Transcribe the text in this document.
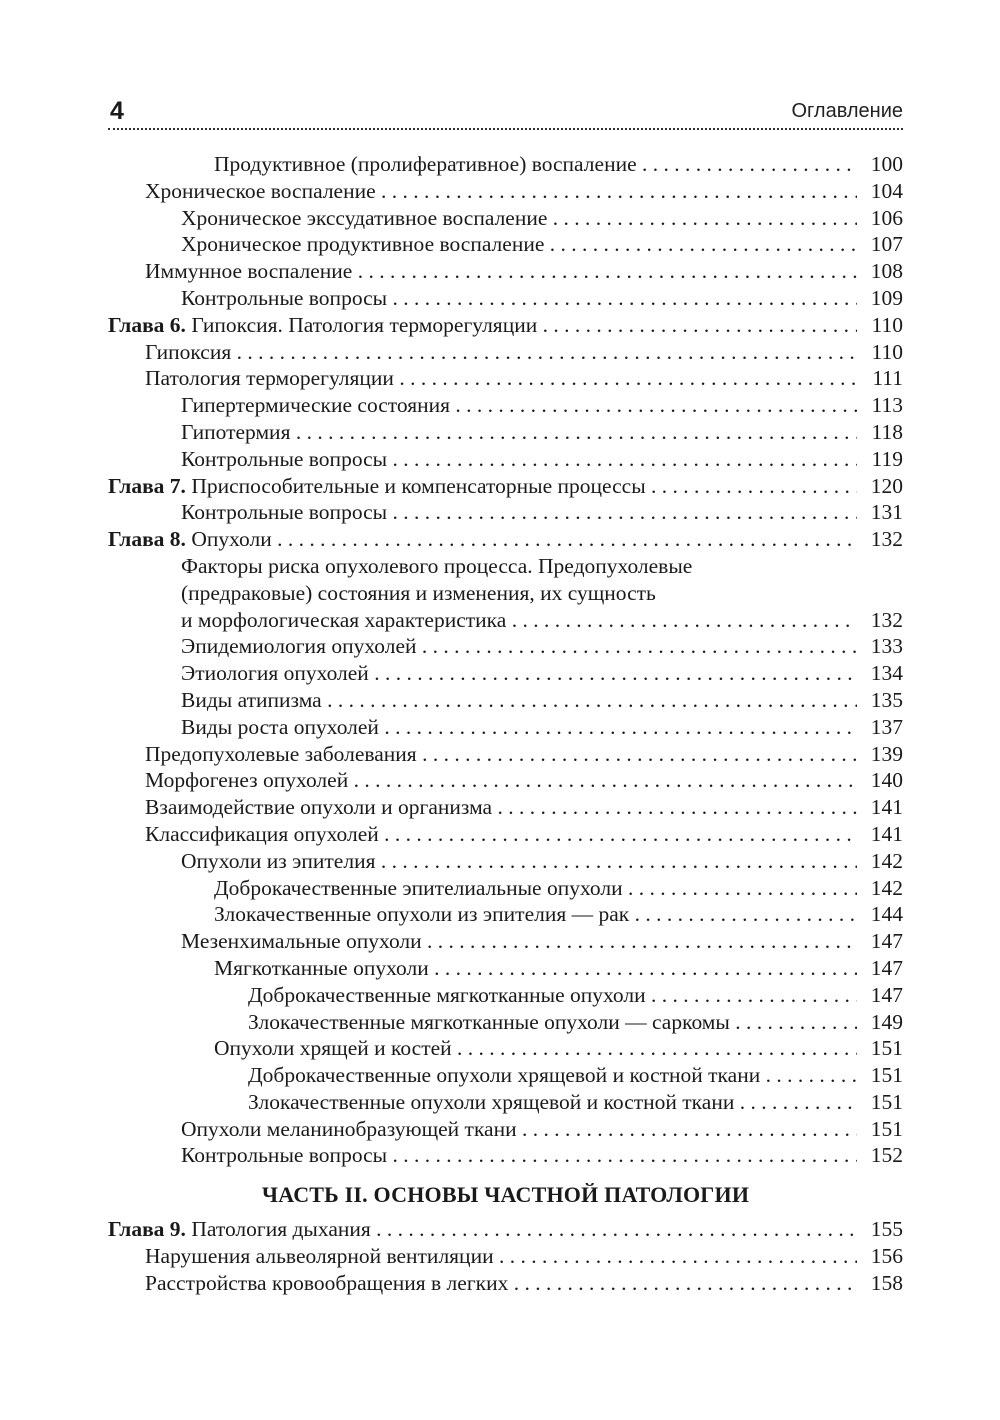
4	Оглавление
Продуктивное (пролиферативное) воспаление . . .	100
Хроническое воспаление . . .	104
Хроническое экссудативное воспаление . . .	106
Хроническое продуктивное воспаление . . .	107
Иммунное воспаление . . .	108
Контрольные вопросы . . .	109
Глава 6. Гипоксия. Патология терморегуляции . . .	110
Гипоксия . . .	110
Патология терморегуляции . . .	111
Гипертермические состояния . . .	113
Гипотермия . . .	118
Контрольные вопросы . . .	119
Глава 7. Приспособительные и компенсаторные процессы . . .	120
Контрольные вопросы . . .	131
Глава 8. Опухоли . . .	132
Факторы риска опухолевого процесса. Предопухолевые
(предраковые) состояния и изменения, их сущность
и морфологическая характеристика . . .	132
Эпидемиология опухолей . . .	133
Этиология опухолей . . .	134
Виды атипизма . . .	135
Виды роста опухолей . . .	137
Предопухолевые заболевания . . .	139
Морфогенез опухолей . . .	140
Взаимодействие опухоли и организма . . .	141
Классификация опухолей . . .	141
Опухоли из эпителия . . .	142
Доброкачественные эпителиальные опухоли . . .	142
Злокачественные опухоли из эпителия — рак . . .	144
Мезенхимальные опухоли . . .	147
Мягкотканные опухоли . . .	147
Доброкачественные мягкотканные опухоли . . .	147
Злокачественные мягкотканные опухоли — саркомы . . .	149
Опухоли хрящей и костей . . .	151
Доброкачественные опухоли хрящевой и костной ткани . . .	151
Злокачественные опухоли хрящевой и костной ткани . . .	151
Опухоли меланинобразующей ткани . . .	151
Контрольные вопросы . . .	152
ЧАСТЬ II. ОСНОВЫ ЧАСТНОЙ ПАТОЛОГИИ
Глава 9. Патология дыхания . . .	155
Нарушения альвеолярной вентиляции . . .	156
Расстройства кровообращения в легких . . .	158
